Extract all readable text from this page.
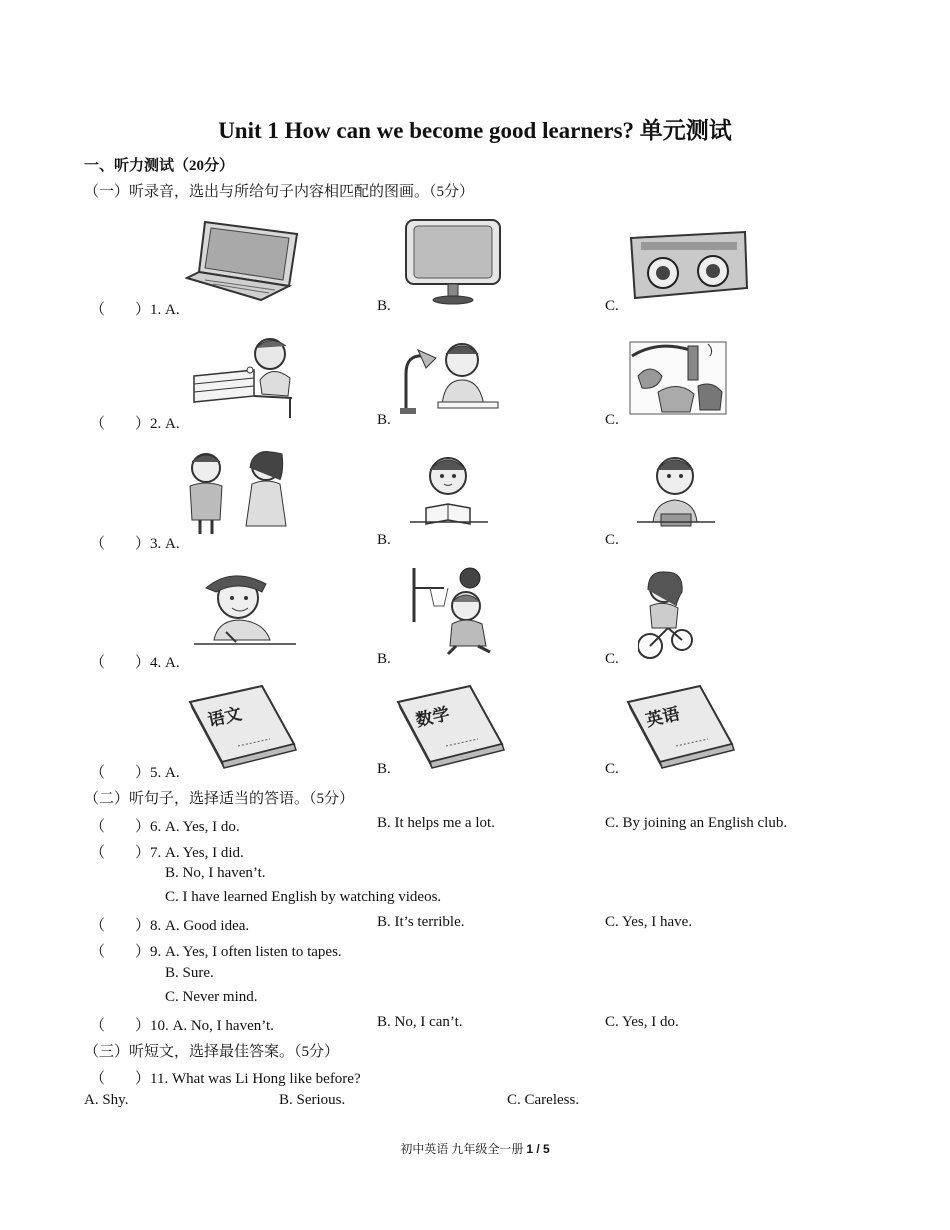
Unit 1 How can we become good learners? 单元测试
一、听力测试（20分）
（一）听录音，选出与所给句子内容相匹配的图画。（5分）
（　　）1. A.	B.	C.
（　　）2. A.	B.	C.
（　　）3. A.	B.	C.
（　　）4. A.	B.	C.
语文	数学	英语
（　　）5. A.	B.	C.
（二）听句子，选择适当的答语。（5分）
（　　）6. A. Yes, I do.	B. It helps me a lot.	C. By joining an English club.
（　　）7. A. Yes, I did.
B. No, I haven’t.
C. I have learned English by watching videos.
（　　）8. A. Good idea.	B. It’s terrible.	C. Yes, I have.
（　　）9. A. Yes, I often listen to tapes.
B. Sure.
C. Never mind.
（　　）10. A. No, I haven’t.	B. No, I can’t.	C. Yes, I do.
（三）听短文，选择最佳答案。（5分）
（　　）11. What was Li Hong like before?
A. Shy.	B. Serious.	C. Careless.
初中英语 九年级全一册 1 / 5
